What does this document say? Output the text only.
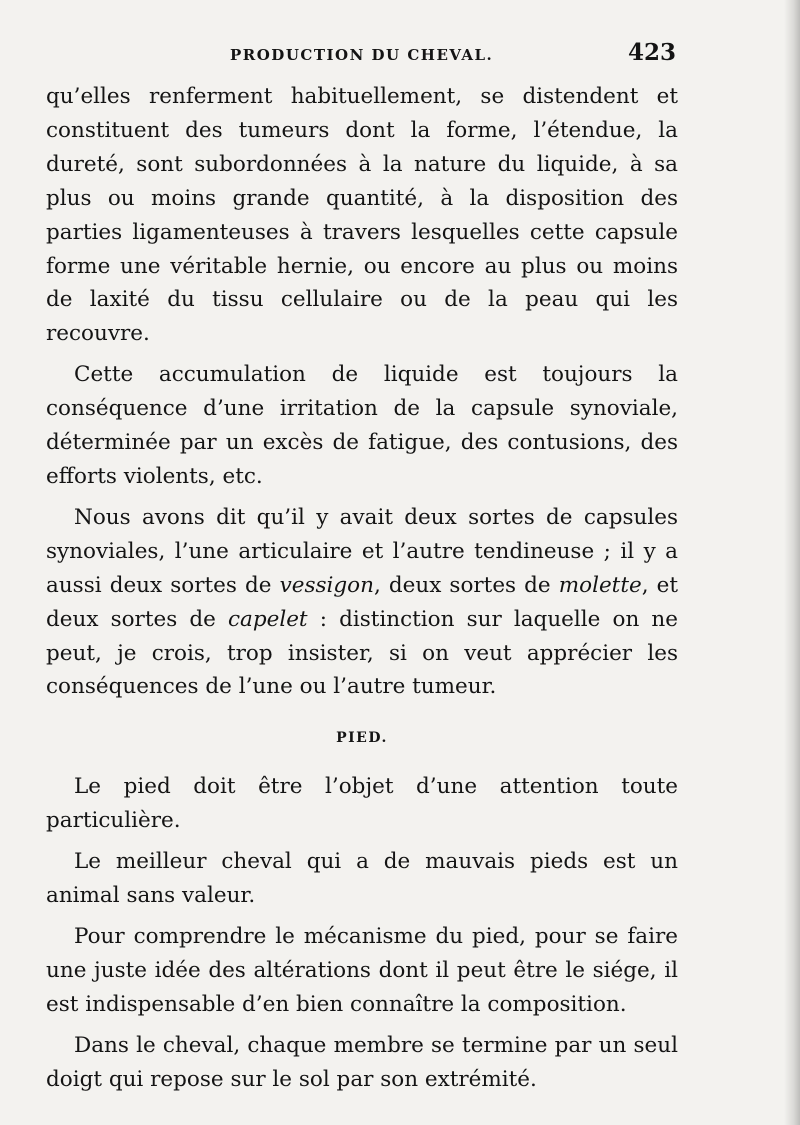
PRODUCTION DU CHEVAL.	423

qu’elles renferment habituellement, se distendent et constituent des tumeurs dont la forme, l’étendue, la dureté, sont subordonnées à la nature du liquide, à sa plus ou moins grande quantité, à la disposition des parties ligamenteuses à travers lesquelles cette capsule forme une véritable hernie, ou encore au plus ou moins de laxité du tissu cellulaire ou de la peau qui les recouvre.

Cette accumulation de liquide est toujours la conséquence d’une irritation de la capsule synoviale, déterminée par un excès de fatigue, des contusions, des efforts violents, etc.

Nous avons dit qu’il y avait deux sortes de capsules synoviales, l’une articulaire et l’autre tendineuse ; il y a aussi deux sortes de vessigon, deux sortes de molette, et deux sortes de capelet : distinction sur laquelle on ne peut, je crois, trop insister, si on veut apprécier les conséquences de l’une ou l’autre tumeur.

PIED.

Le pied doit être l’objet d’une attention toute particulière.

Le meilleur cheval qui a de mauvais pieds est un animal sans valeur.

Pour comprendre le mécanisme du pied, pour se faire une juste idée des altérations dont il peut être le siége, il est indispensable d’en bien connaître la composition.

Dans le cheval, chaque membre se termine par un seul doigt qui repose sur le sol par son extrémité.
